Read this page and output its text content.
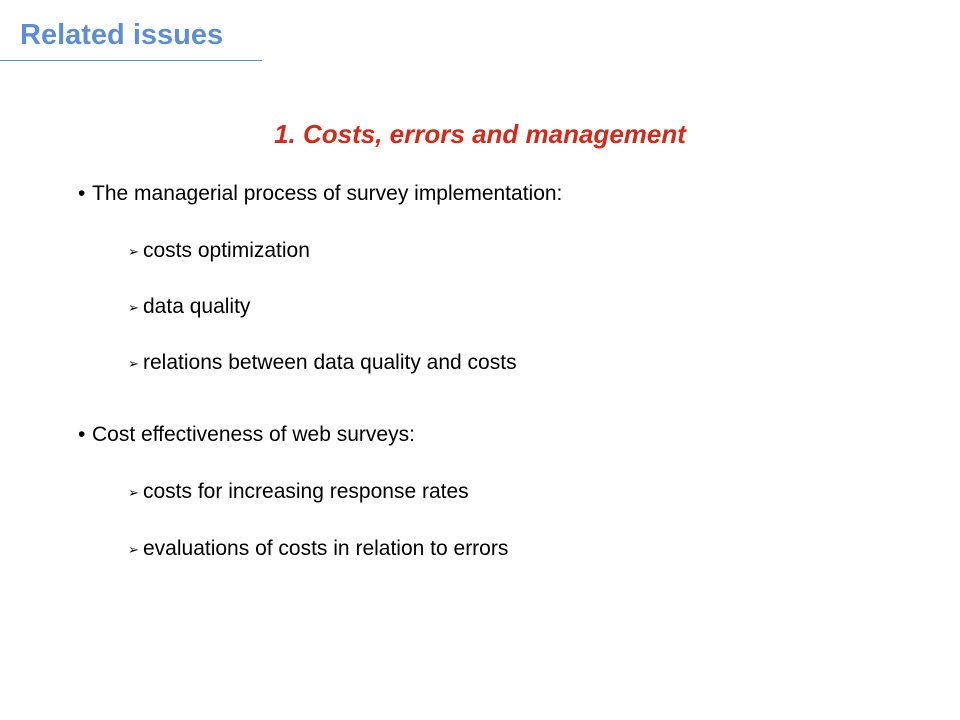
Related issues
1. Costs, errors and management
• The managerial process of survey implementation:
➢ costs optimization
➢ data quality
➢ relations between data quality and costs
• Cost effectiveness of web surveys:
➢ costs for increasing response rates
➢ evaluations of costs in relation to errors
